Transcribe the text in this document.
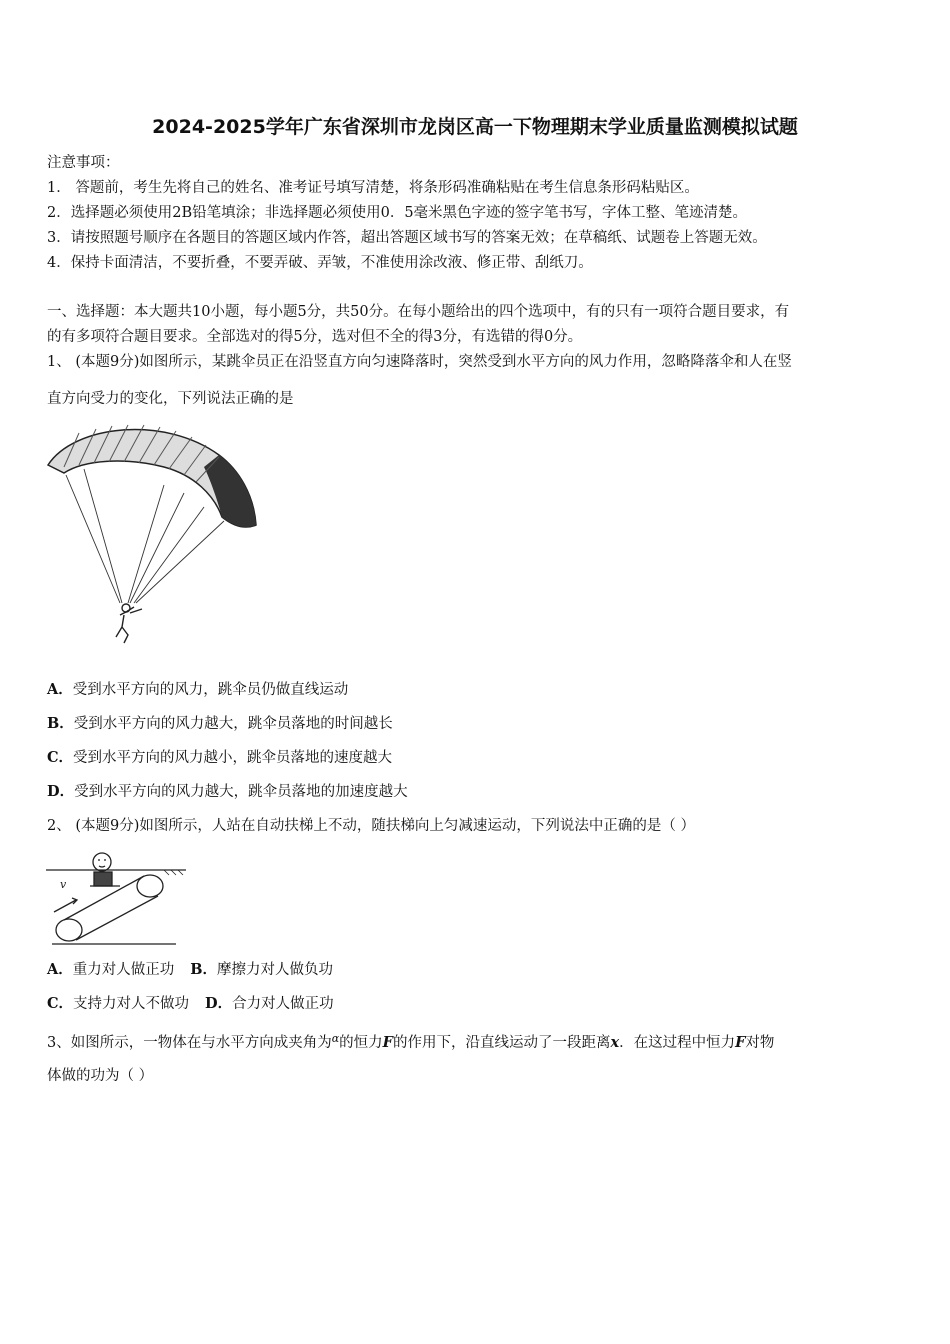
2024-2025学年广东省深圳市龙岗区高一下物理期末学业质量监测模拟试题
注意事项：
1． 答题前，考生先将自己的姓名、准考证号填写清楚，将条形码准确粘贴在考生信息条形码粘贴区。
2．选择题必须使用2B铅笔填涂；非选择题必须使用0．5毫米黑色字迹的签字笔书写，字体工整、笔迹清楚。
3．请按照题号顺序在各题目的答题区域内作答，超出答题区域书写的答案无效；在草稿纸、试题卷上答题无效。
4．保持卡面清洁，不要折叠，不要弄破、弄皱，不准使用涂改液、修正带、刮纸刀。
一、选择题：本大题共10小题，每小题5分，共50分。在每小题给出的四个选项中，有的只有一项符合题目要求，有
的有多项符合题目要求。全部选对的得5分，选对但不全的得3分，有选错的得0分。
1、 (本题9分)如图所示，某跳伞员正在沿竖直方向匀速降落时，突然受到水平方向的风力作用，忽略降落伞和人在竖
直方向受力的变化，下列说法正确的是
A．受到水平方向的风力，跳伞员仍做直线运动
B．受到水平方向的风力越大，跳伞员落地的时间越长
C．受到水平方向的风力越小，跳伞员落地的速度越大
D．受到水平方向的风力越大，跳伞员落地的加速度越大
2、 (本题9分)如图所示，人站在自动扶梯上不动，随扶梯向上匀减速运动，下列说法中正确的是（ ）
v
A．重力对人做正功 B．摩擦力对人做负功
C．支持力对人不做功 D．合力对人做正功
3、如图所示，一物体在与水平方向成夹角为$^\alpha$的恒力F的作用下，沿直线运动了一段距离x．在这过程中恒力F对物
体做的功为（ ）
